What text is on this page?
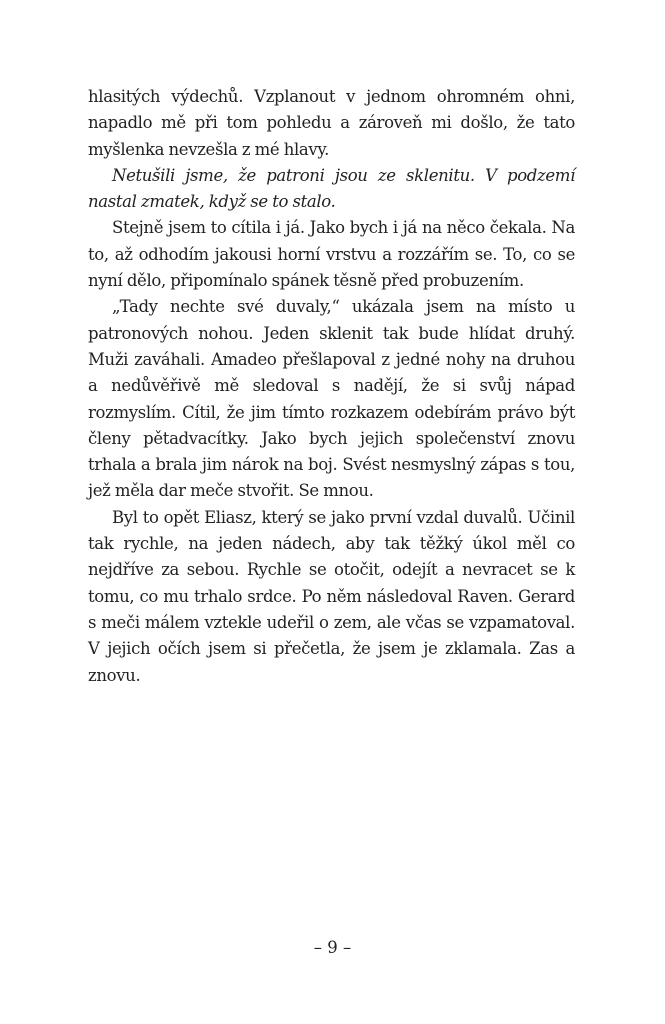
hlasitých výdechů. Vzplanout v jednom ohromném ohni, napadlo mě při tom pohledu a zároveň mi došlo, že tato myšlenka nevzešla z mé hlavy.

Netušili jsme, že patroni jsou ze sklenitu. V podzemí nastal zmatek, když se to stalo.

Stejně jsem to cítila i já. Jako bych i já na něco čekala. Na to, až odhodím jakousi horní vrstvu a rozzářím se. To, co se nyní dělo, připomínalo spánek těsně před probuzením.

„Tady nechte své duvaly,“ ukázala jsem na místo u patronových nohou. Jeden sklenit tak bude hlídat druhý. Muži zaváhali. Amadeo přešlapoval z jedné nohy na druhou a nedůvěřivě mě sledoval s nadějí, že si svůj nápad rozmyslím. Cítil, že jim tímto rozkazem odebírám právo být členy pětadvacítky. Jako bych jejich společenství znovu trhala a brala jim nárok na boj. Svést nesmyslný zápas s tou, jež měla dar meče stvořit. Se mnou.

Byl to opět Eliasz, který se jako první vzdal duvalů. Učinil tak rychle, na jeden nádech, aby tak těžký úkol měl co nejdříve za sebou. Rychle se otočit, odejít a nevracet se k tomu, co mu trhalo srdce. Po něm následoval Raven. Gerard s meči málem vztekle udeřil o zem, ale včas se vzpamatoval. V jejich očích jsem si přečetla, že jsem je zklamala. Zas a znovu.

– 9 –
